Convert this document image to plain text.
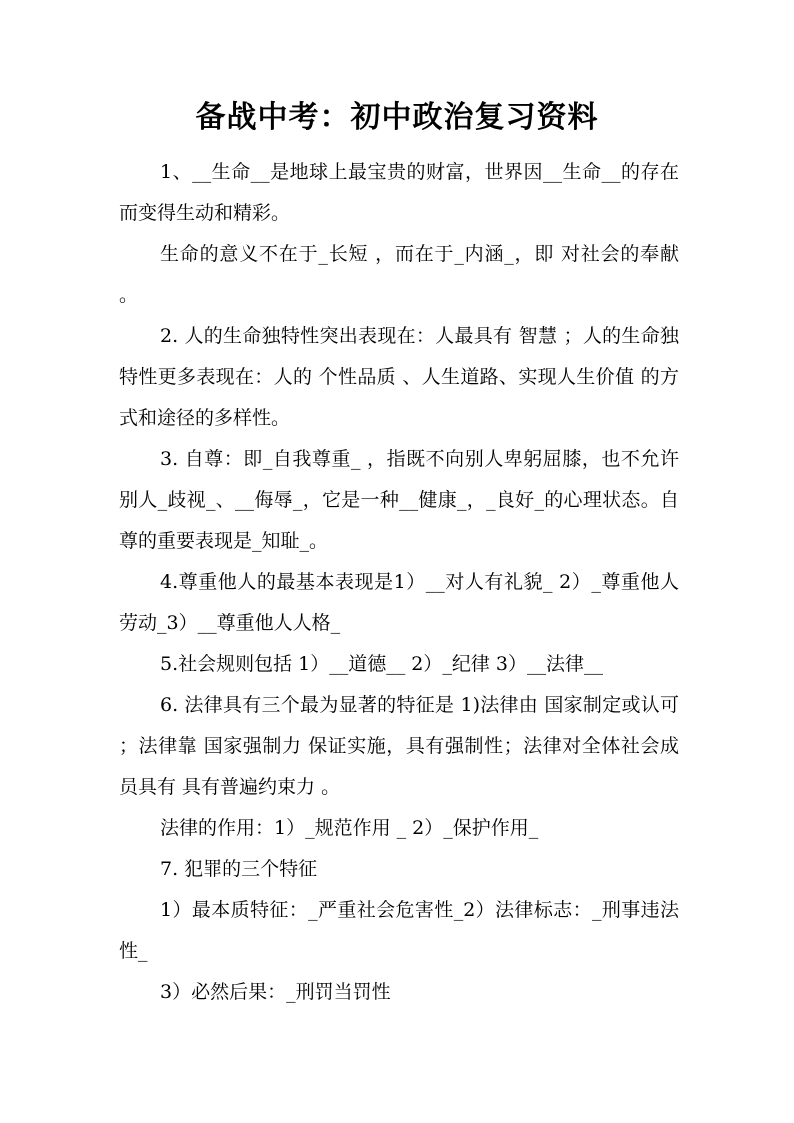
备战中考：初中政治复习资料

1、__生命__是地球上最宝贵的财富，世界因__生命__的存在而变得生动和精彩。

生命的意义不在于_长短 ，而在于_内涵_，即 对社会的奉献 。

2. 人的生命独特性突出表现在：人最具有 智慧 ；人的生命独特性更多表现在：人的 个性品质 、人生道路、实现人生价值 的方式和途径的多样性。

3. 自尊：即_自我尊重_ ，指既不向别人卑躬屈膝，也不允许别人_歧视_、__侮辱_，它是一种__健康_，_良好_的心理状态。自尊的重要表现是_知耻_。

4.尊重他人的最基本表现是1）__对人有礼貌_ 2）_尊重他人劳动_3）__尊重他人人格_

5.社会规则包括 1）__道德__ 2）_纪律 3）__法律__

6. 法律具有三个最为显著的特征是 1)法律由 国家制定或认可 ；法律靠 国家强制力 保证实施，具有强制性；法律对全体社会成员具有 具有普遍约束力 。

法律的作用：1）_规范作用 _ 2）_保护作用_

7. 犯罪的三个特征

1）最本质特征：_严重社会危害性_2）法律标志：_刑事违法性_

3）必然后果：_刑罚当罚性
